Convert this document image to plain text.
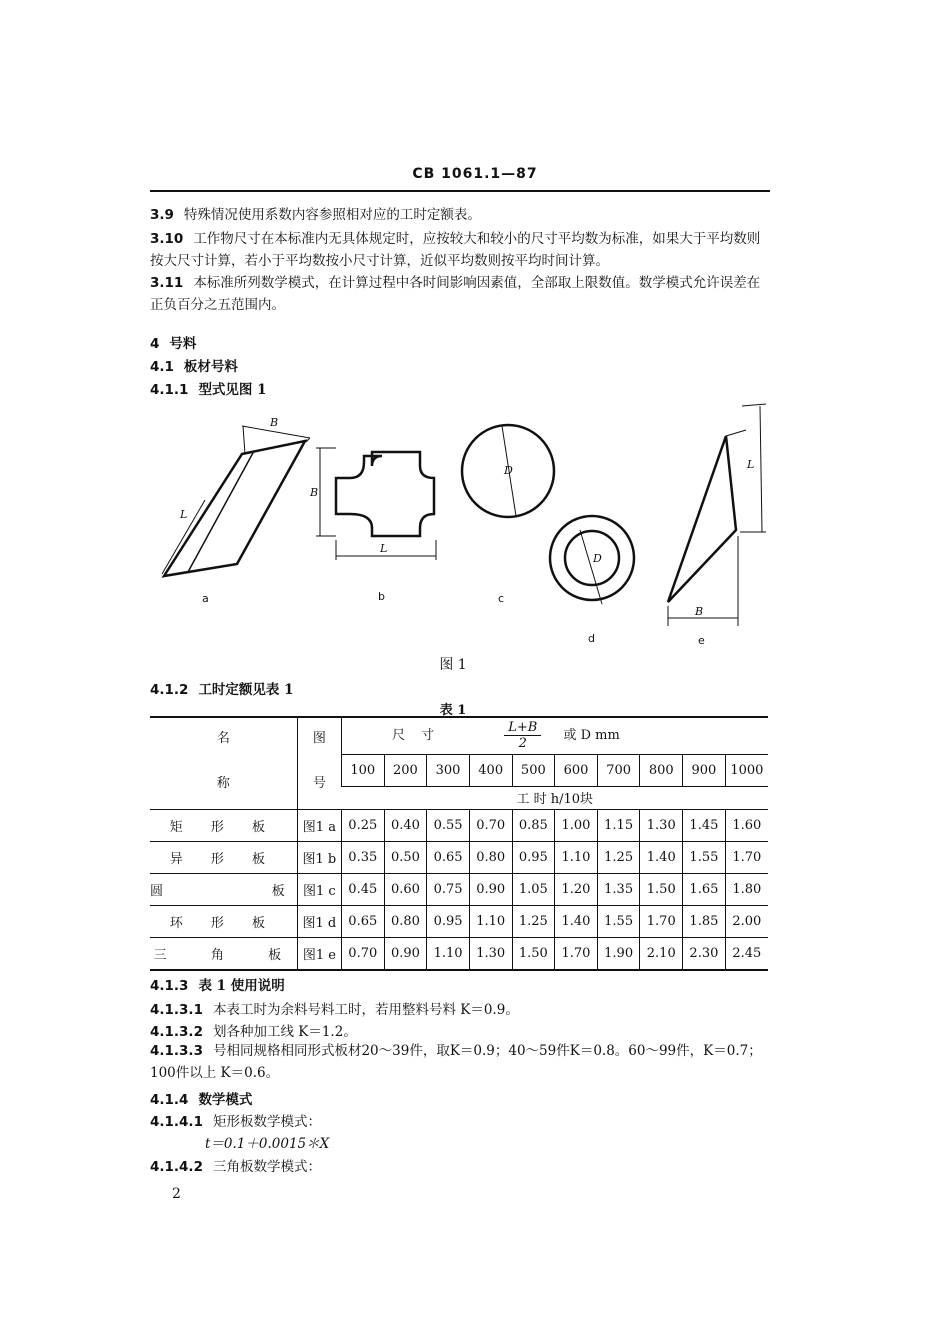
CB 1061.1—87
3.9 特殊情况使用系数内容参照相对应的工时定额表。
3.10 工作物尺寸在本标准内无具体规定时，应按较大和较小的尺寸平均数为标准，如果大于平均数则按大尺寸计算，若小于平均数按小尺寸计算，近似平均数则按平均时间计算。
3.11 本标准所列数学模式，在计算过程中各时间影响因素值，全部取上限数值。数学模式允许误差在正负百分之五范围内。
4 号料
4.1 板材号料
4.1.1 型式见图 1
B
L
B
L
D
D
L
B
a	b	c
d	e
图 1
4.1.2 工时定额见表 1
表 1
名	图	尺 寸 $\frac{L+B}{2}$ 或 D mm									
称	号	100	200	300	400	500	600	700	800	900	1000
		工 时 h/10块									
矩 形 板	图1 a	0.25	0.40	0.55	0.70	0.85	1.00	1.15	1.30	1.45	1.60
异 形 板	图1 b	0.35	0.50	0.65	0.80	0.95	1.10	1.25	1.40	1.55	1.70
圆      板	图1 c	0.45	0.60	0.75	0.90	1.05	1.20	1.35	1.50	1.65	1.80
环 形 板	图1 d	0.65	0.80	0.95	1.10	1.25	1.40	1.55	1.70	1.85	2.00
三  角  板	图1 e	0.70	0.90	1.10	1.30	1.50	1.70	1.90	2.10	2.30	2.45
4.1.3 表 1 使用说明
4.1.3.1 本表工时为余料号料工时，若用整料号料 K＝0.9。
4.1.3.2 划各种加工线 K＝1.2。
4.1.3.3 号相同规格相同形式板材20～39件，取K＝0.9；40～59件K＝0.8。60～99件，K＝0.7；100件以上 K＝0.6。
4.1.4 数学模式
4.1.4.1 矩形板数学模式：
t＝0.1＋0.0015＊X
4.1.4.2 三角板数学模式：
2
